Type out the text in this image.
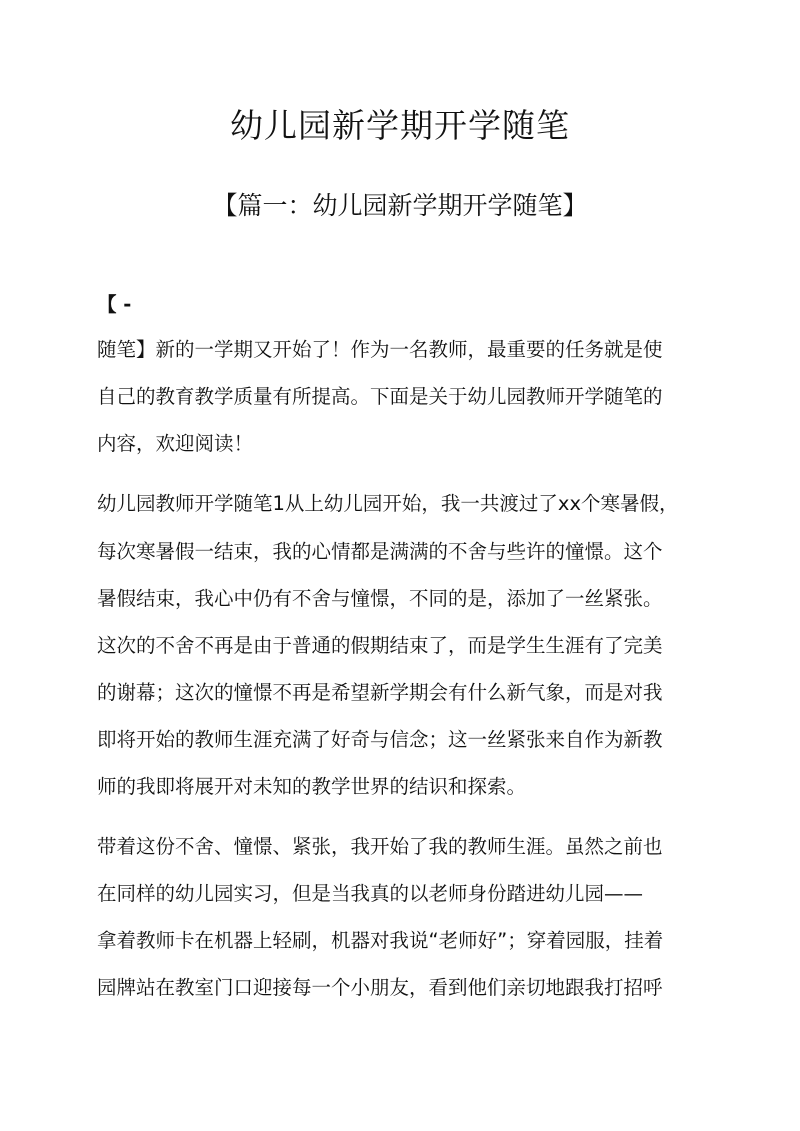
幼儿园新学期开学随笔
【篇一：幼儿园新学期开学随笔】
【 -
随笔】新的一学期又开始了！作为一名教师，最重要的任务就是使
自己的教育教学质量有所提高。下面是关于幼儿园教师开学随笔的
内容，欢迎阅读！
幼儿园教师开学随笔1从上幼儿园开始，我一共渡过了xx个寒暑假，
每次寒暑假一结束，我的心情都是满满的不舍与些许的憧憬。这个
暑假结束，我心中仍有不舍与憧憬，不同的是，添加了一丝紧张。
这次的不舍不再是由于普通的假期结束了，而是学生生涯有了完美
的谢幕；这次的憧憬不再是希望新学期会有什么新气象，而是对我
即将开始的教师生涯充满了好奇与信念；这一丝紧张来自作为新教
师的我即将展开对未知的教学世界的结识和探索。
带着这份不舍、憧憬、紧张，我开始了我的教师生涯。虽然之前也
在同样的幼儿园实习，但是当我真的以老师身份踏进幼儿园——
拿着教师卡在机器上轻刷，机器对我说“老师好”；穿着园服，挂着
园牌站在教室门口迎接每一个小朋友，看到他们亲切地跟我打招呼
